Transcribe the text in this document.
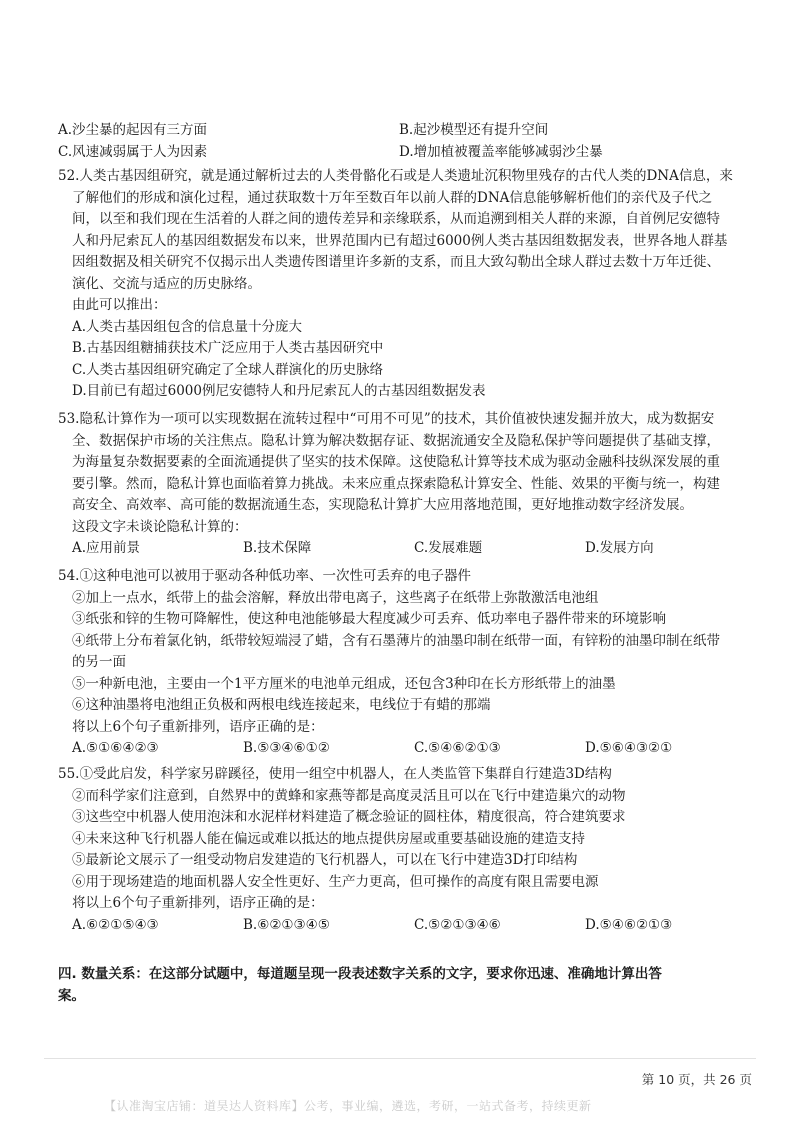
A.沙尘暴的起因有三方面	B.起沙模型还有提升空间
C.风速减弱属于人为因素	D.增加植被覆盖率能够减弱沙尘暴
52.人类古基因组研究，就是通过解析过去的人类骨骼化石或是人类遗址沉积物里残存的古代人类的DNA信息，来
了解他们的形成和演化过程，通过获取数十万年至数百年以前人群的DNA信息能够解析他们的亲代及子代之
间，以至和我们现在生活着的人群之间的遗传差异和亲缘联系，从而追溯到相关人群的来源，自首例尼安德特
人和丹尼索瓦人的基因组数据发布以来，世界范围内已有超过6000例人类古基因组数据发表，世界各地人群基
因组数据及相关研究不仅揭示出人类遗传图谱里许多新的支系，而且大致勾勒出全球人群过去数十万年迁徙、
演化、交流与适应的历史脉络。
由此可以推出：
A.人类古基因组包含的信息量十分庞大
B.古基因组糖捕获技术广泛应用于人类古基因研究中
C.人类古基因组研究确定了全球人群演化的历史脉络
D.目前已有超过6000例尼安德特人和丹尼索瓦人的古基因组数据发表
53.隐私计算作为一项可以实现数据在流转过程中“可用不可见”的技术，其价值被快速发掘并放大，成为数据安
全、数据保护市场的关注焦点。隐私计算为解决数据存证、数据流通安全及隐私保护等问题提供了基础支撑，
为海量复杂数据要素的全面流通提供了坚实的技术保障。这使隐私计算等技术成为驱动金融科技纵深发展的重
要引擎。然而，隐私计算也面临着算力挑战。未来应重点探索隐私计算安全、性能、效果的平衡与统一，构建
高安全、高效率、高可能的数据流通生态，实现隐私计算扩大应用落地范围，更好地推动数字经济发展。
这段文字未谈论隐私计算的：
A.应用前景	B.技术保障	C.发展难题	D.发展方向
54.①这种电池可以被用于驱动各种低功率、一次性可丢弃的电子器件
②加上一点水，纸带上的盐会溶解，释放出带电离子，这些离子在纸带上弥散激活电池组
③纸张和锌的生物可降解性，使这种电池能够最大程度减少可丢弃、低功率电子器件带来的环境影响
④纸带上分布着氯化钠，纸带较短端浸了蜡，含有石墨薄片的油墨印制在纸带一面，有锌粉的油墨印制在纸带
的另一面
⑤一种新电池，主要由一个1平方厘米的电池单元组成，还包含3种印在长方形纸带上的油墨
⑥这种油墨将电池组正负极和两根电线连接起来，电线位于有蜡的那端
将以上6个句子重新排列，语序正确的是：
A.⑤①⑥④②③	B.⑤③④⑥①②	C.⑤④⑥②①③	D.⑤⑥④③②①
55.①受此启发，科学家另辟蹊径，使用一组空中机器人，在人类监管下集群自行建造3D结构
②而科学家们注意到，自然界中的黄蜂和家燕等都是高度灵活且可以在飞行中建造巢穴的动物
③这些空中机器人使用泡沫和水泥样材料建造了概念验证的圆柱体，精度很高，符合建筑要求
④未来这种飞行机器人能在偏远或难以抵达的地点提供房屋或重要基础设施的建造支持
⑤最新论文展示了一组受动物启发建造的飞行机器人，可以在飞行中建造3D打印结构
⑥用于现场建造的地面机器人安全性更好、生产力更高，但可操作的高度有限且需要电源
将以上6个句子重新排列，语序正确的是：
A.⑥②①⑤④③	B.⑥②①③④⑤	C.⑤②①③④⑥	D.⑤④⑥②①③
四. 数量关系：在这部分试题中，每道题呈现一段表述数字关系的文字，要求你迅速、准确地计算出答
案。
第 10 页，共 26 页
【认准淘宝店铺：道昊达人资料库】公考，事业编，遴选，考研，一站式备考，持续更新
